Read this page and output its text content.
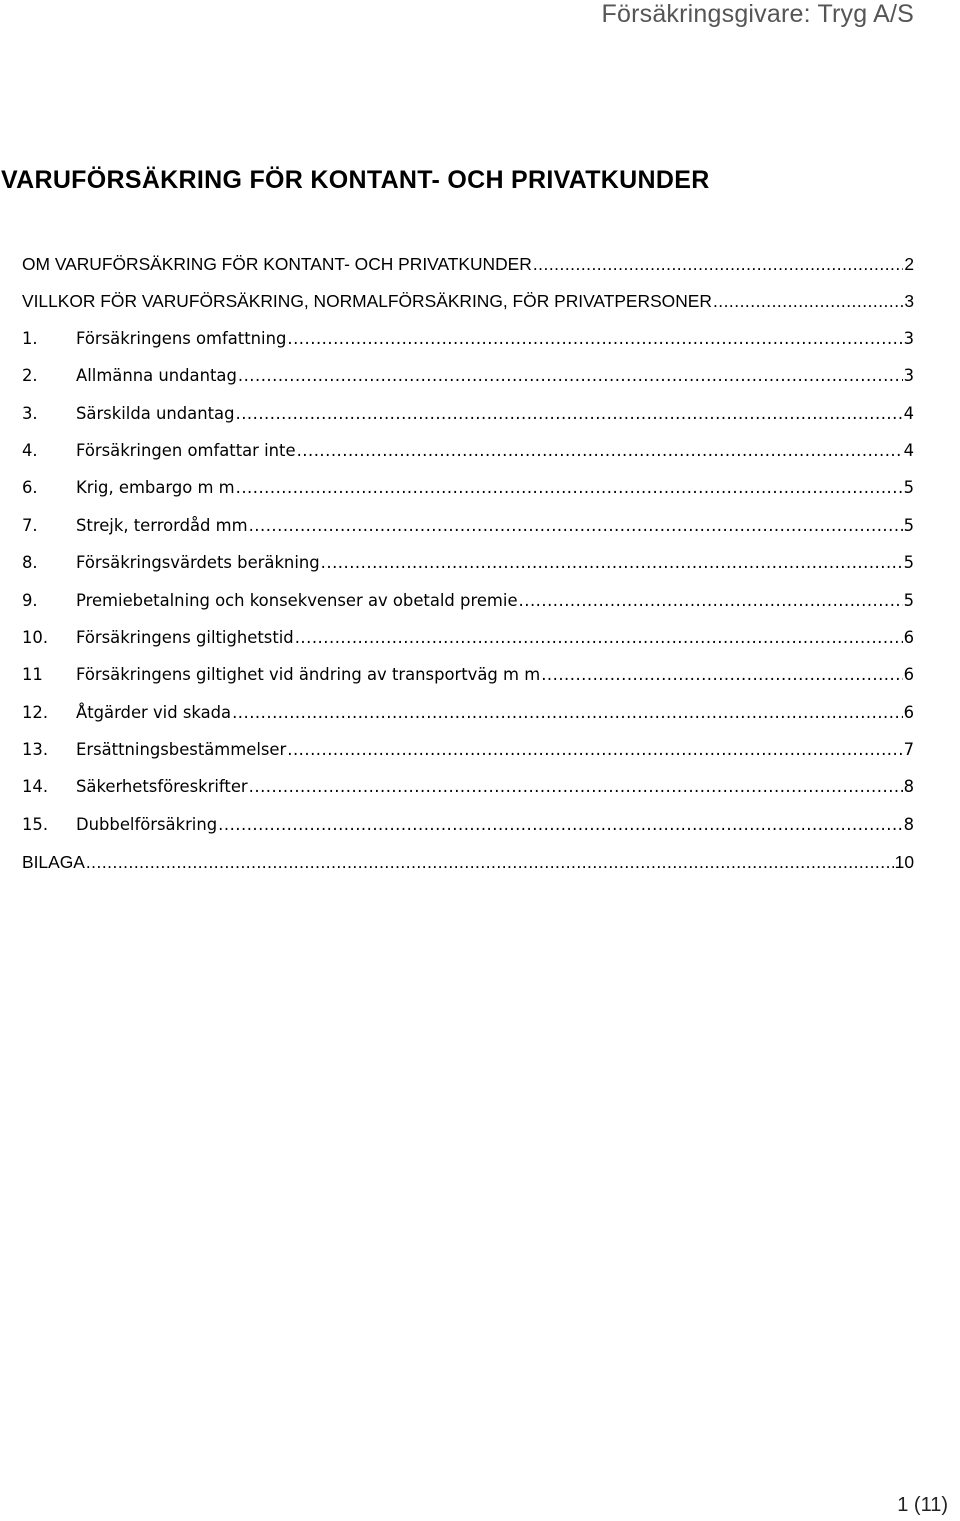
Försäkringsgivare: Tryg A/S
VARUFÖRSÄKRING FÖR KONTANT- OCH PRIVATKUNDER
OM VARUFÖRSÄKRING FÖR KONTANT- OCH PRIVATKUNDER .....	2
VILLKOR FÖR VARUFÖRSÄKRING, NORMALFÖRSÄKRING, FÖR PRIVATPERSONER .....	3
1.	Försäkringens omfattning .....	3
2.	Allmänna undantag .....	3
3.	Särskilda undantag .....	4
4.	Försäkringen omfattar inte .....	4
6.	Krig, embargo m m .....	5
7.	Strejk, terrordåd mm .....	5
8.	Försäkringsvärdets beräkning .....	5
9.	Premiebetalning och konsekvenser av obetald premie .....	5
10.	Försäkringens giltighetstid .....	6
11	Försäkringens giltighet vid ändring av transportväg m m .....	6
12.	Åtgärder vid skada .....	6
13.	Ersättningsbestämmelser .....	7
14.	Säkerhetsföreskrifter .....	8
15.	Dubbelförsäkring .....	8
BILAGA .....	10
1 (11)
